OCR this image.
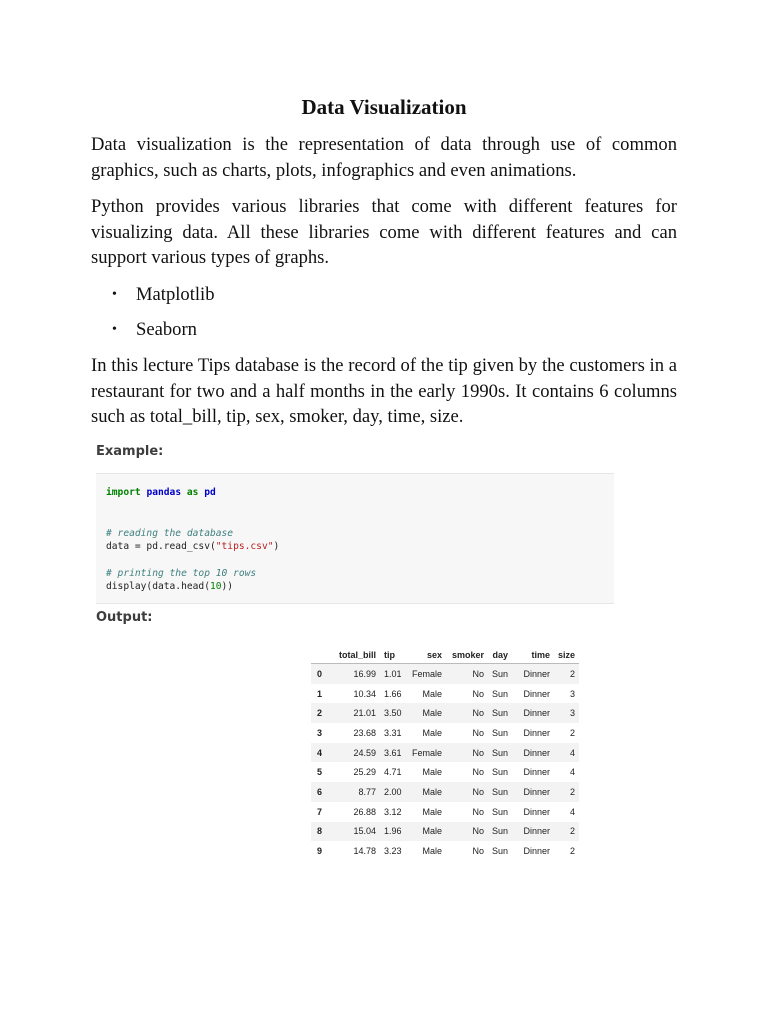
Data Visualization

Data visualization is the representation of data through use of common graphics, such as charts, plots, infographics and even animations.

Python provides various libraries that come with different features for visualizing data. All these libraries come with different features and can support various types of graphs.

• Matplotlib
• Seaborn

In this lecture Tips database is the record of the tip given by the customers in a restaurant for two and a half months in the early 1990s. It contains 6 columns such as total_bill, tip, sex, smoker, day, time, size.

Example:

import pandas as pd
# reading the database
data = pd.read_csv("tips.csv")
# printing the top 10 rows
display(data.head(10))

Output:

	total_bill	tip	sex	smoker	day	time	size
0	16.99	1.01	Female	No	Sun	Dinner	2
1	10.34	1.66	Male	No	Sun	Dinner	3
2	21.01	3.50	Male	No	Sun	Dinner	3
3	23.68	3.31	Male	No	Sun	Dinner	2
4	24.59	3.61	Female	No	Sun	Dinner	4
5	25.29	4.71	Male	No	Sun	Dinner	4
6	8.77	2.00	Male	No	Sun	Dinner	2
7	26.88	3.12	Male	No	Sun	Dinner	4
8	15.04	1.96	Male	No	Sun	Dinner	2
9	14.78	3.23	Male	No	Sun	Dinner	2
